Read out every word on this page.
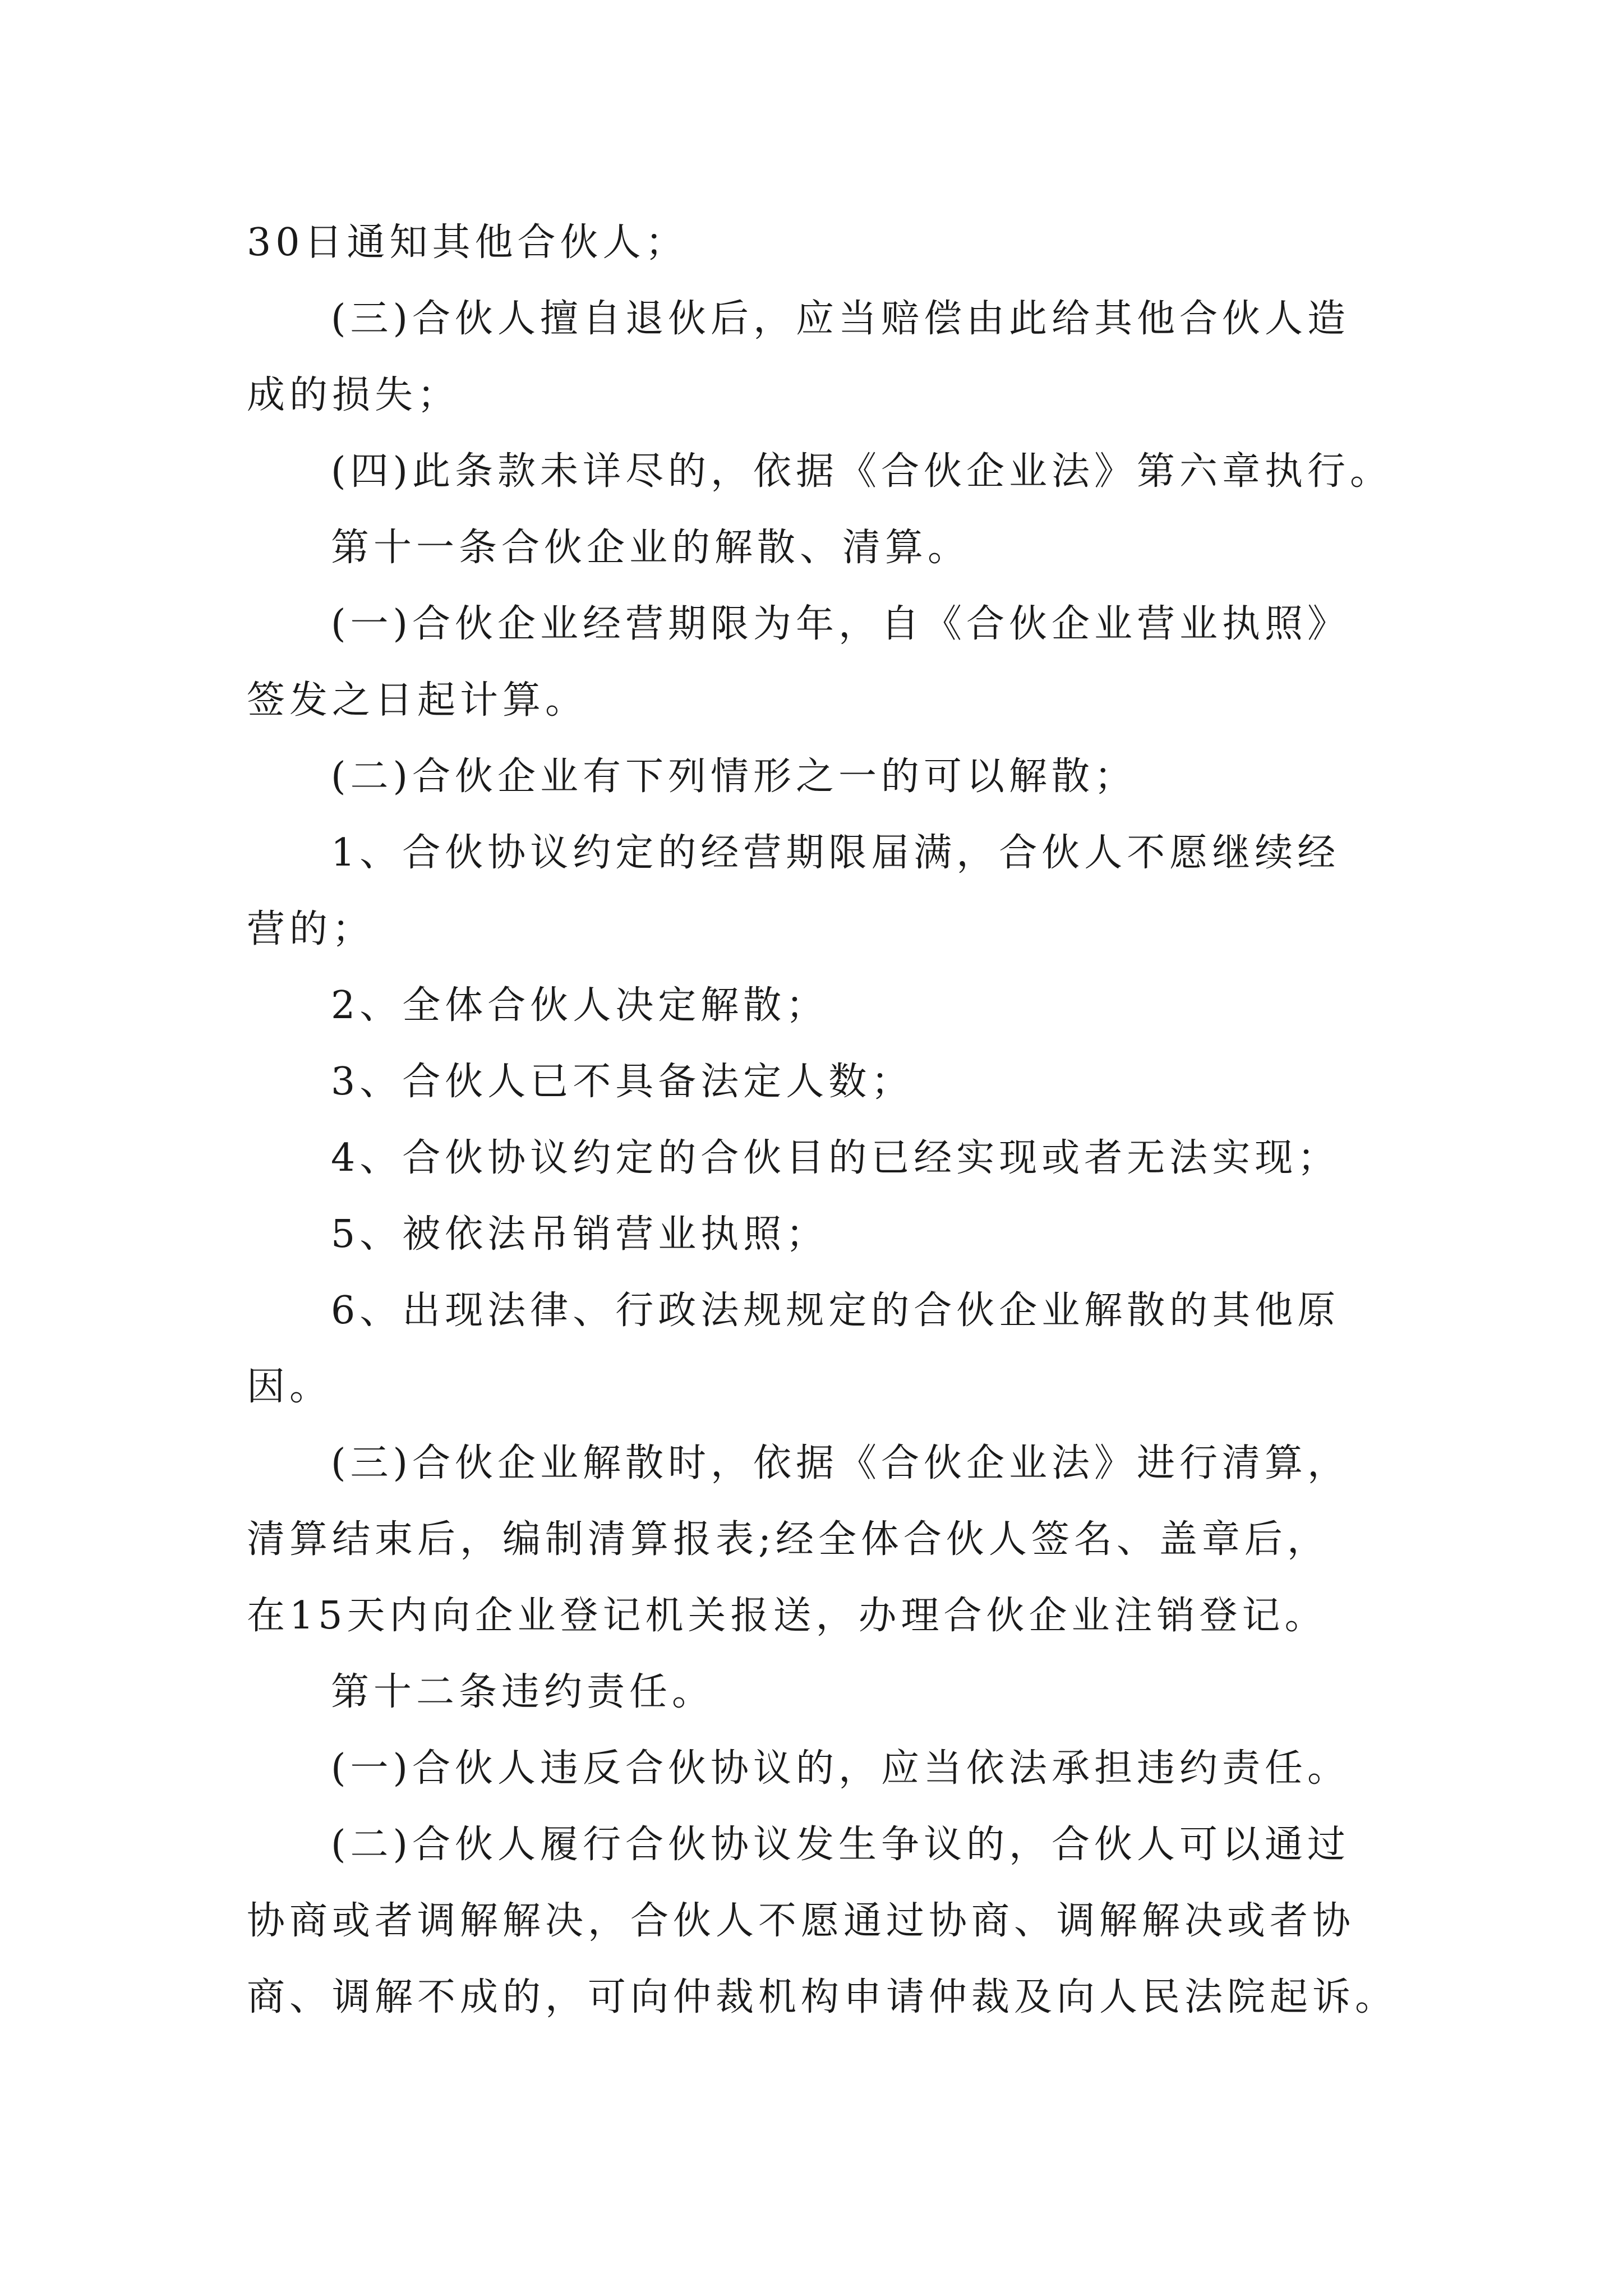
30日通知其他合伙人；
(三)合伙人擅自退伙后，应当赔偿由此给其他合伙人造
成的损失；
(四)此条款未详尽的，依据《合伙企业法》第六章执行。
第十一条合伙企业的解散、清算。
(一)合伙企业经营期限为年，自《合伙企业营业执照》
签发之日起计算。
(二)合伙企业有下列情形之一的可以解散；
1、合伙协议约定的经营期限届满，合伙人不愿继续经
营的；
2、全体合伙人决定解散；
3、合伙人已不具备法定人数；
4、合伙协议约定的合伙目的已经实现或者无法实现；
5、被依法吊销营业执照；
6、出现法律、行政法规规定的合伙企业解散的其他原
因。
(三)合伙企业解散时，依据《合伙企业法》进行清算，
清算结束后，编制清算报表;经全体合伙人签名、盖章后，
在15天内向企业登记机关报送，办理合伙企业注销登记。
第十二条违约责任。
(一)合伙人违反合伙协议的，应当依法承担违约责任。
(二)合伙人履行合伙协议发生争议的，合伙人可以通过
协商或者调解解决，合伙人不愿通过协商、调解解决或者协
商、调解不成的，可向仲裁机构申请仲裁及向人民法院起诉。
